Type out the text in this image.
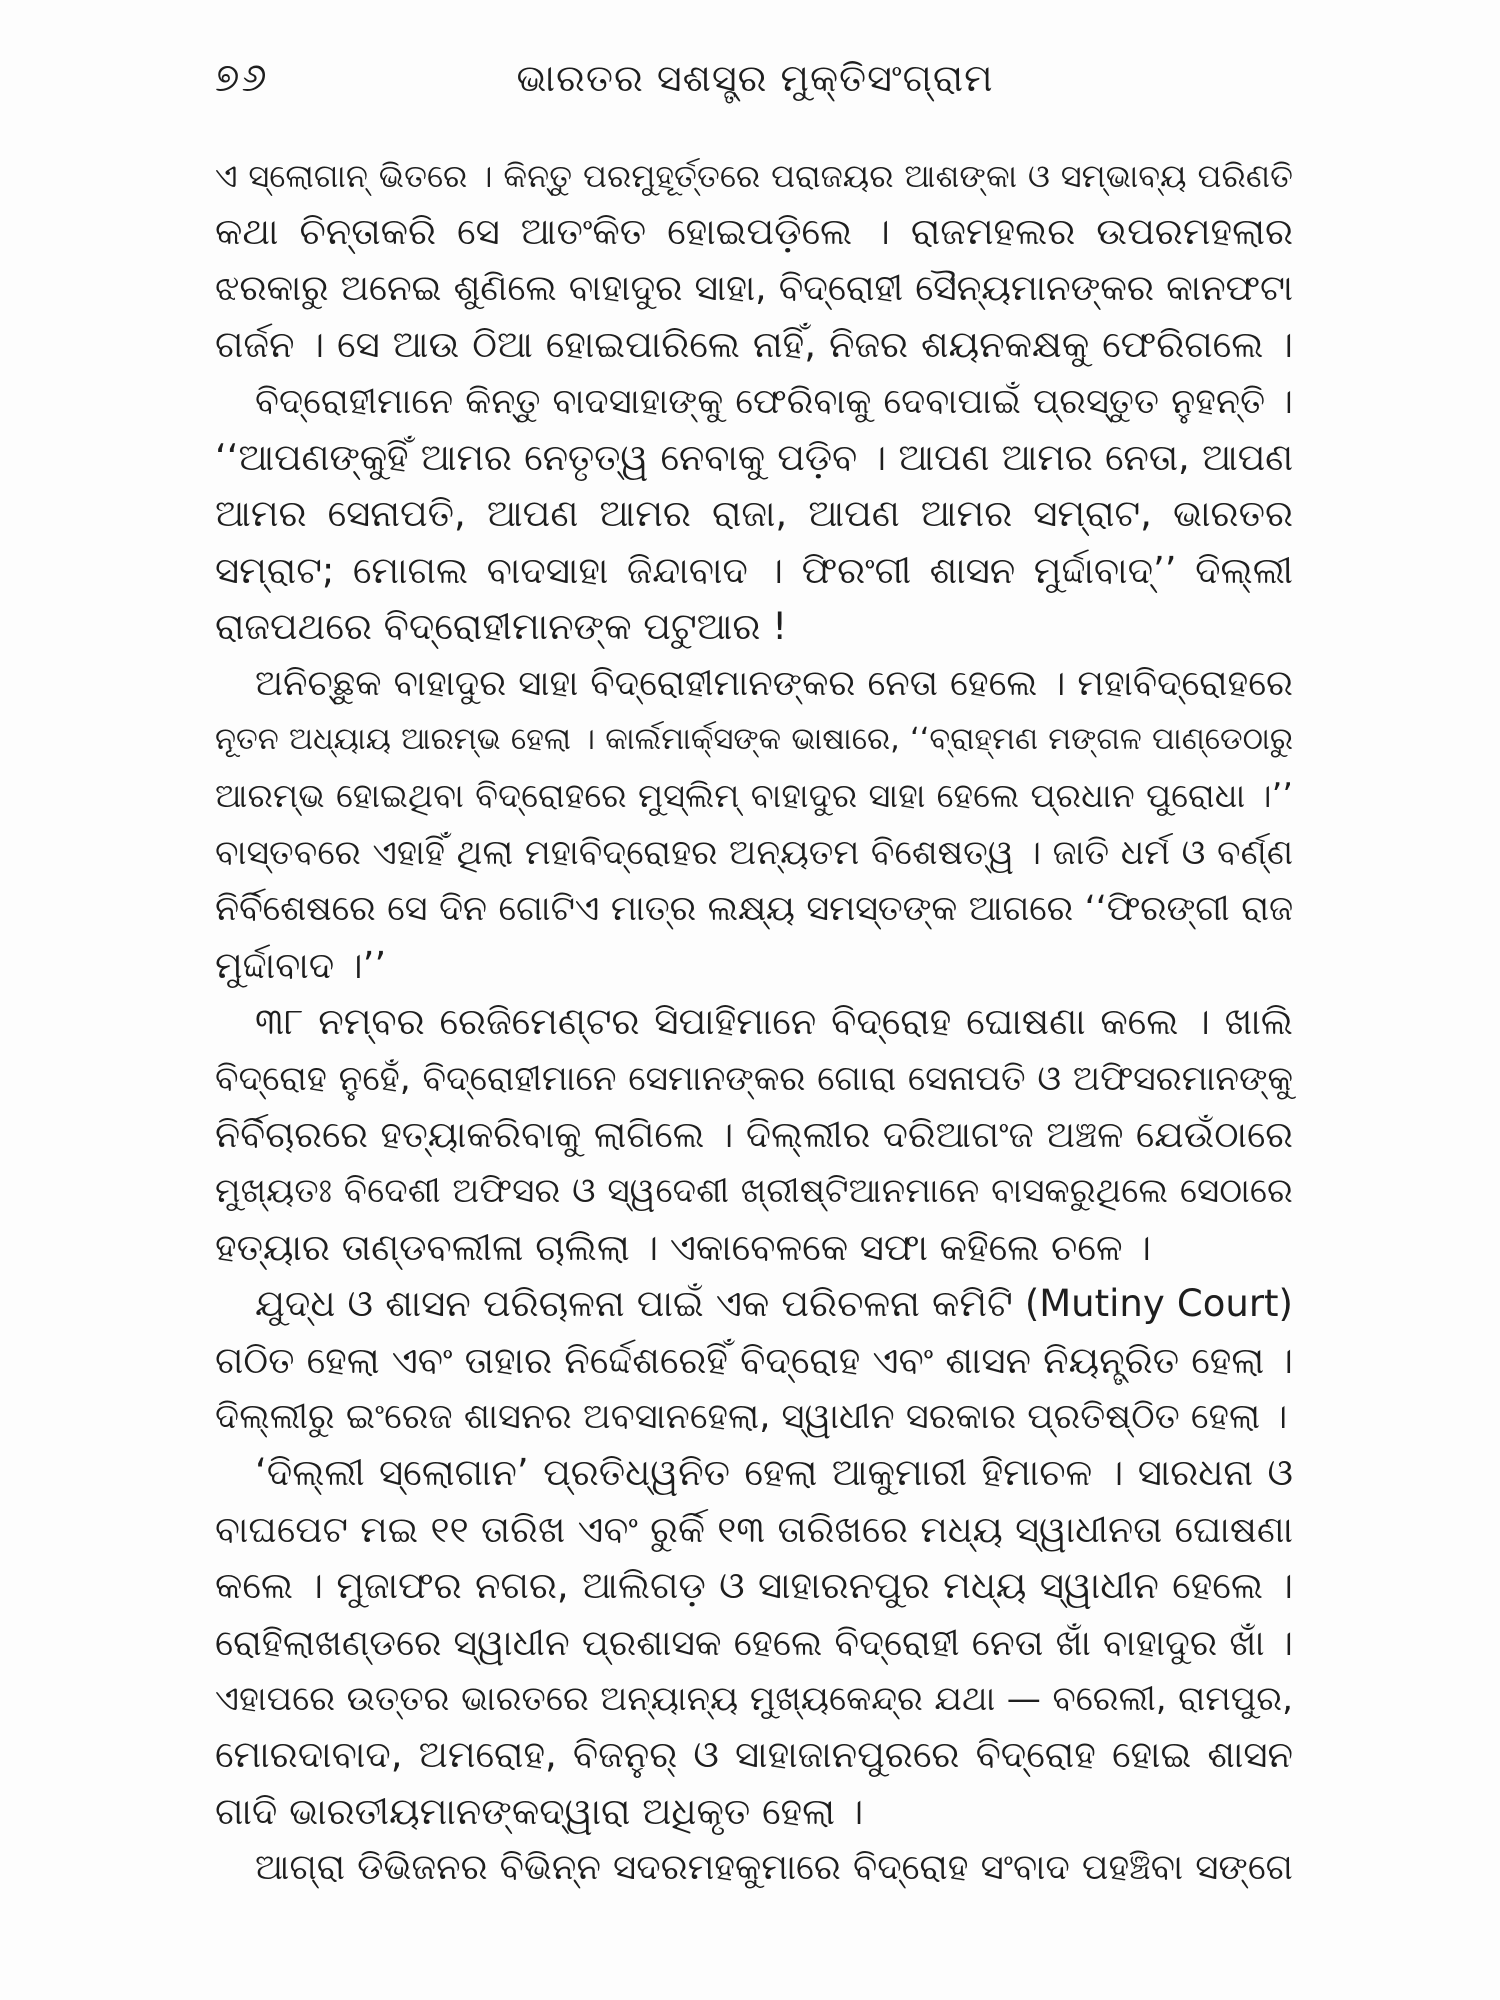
୭୬	ଭାରତର ସଶସ୍ତ୍ର ମୁକ୍ତିସଂଗ୍ରାମ

ଏ ସ୍ଲୋଗାନ୍ ଭିତରେ । କିନ୍ତୁ ପରମୁହୂର୍ତ୍ତରେ ପରାଜୟର ଆଶଙ୍କା ଓ ସମ୍ଭାବ୍ୟ ପରିଣତି
କଥା ଚିନ୍ତାକରି ସେ ଆତଂକିତ ହୋଇପଡ଼ିଲେ । ରାଜମହଲର ଉପରମହଲାର
ଝରକାରୁ ଅନେଇ ଶୁଣିଲେ ବାହାଦୁର ସାହା, ବିଦ୍ରୋହୀ ସୈନ୍ୟମାନଙ୍କର କାନଫଟା
ଗର୍ଜନ । ସେ ଆଉ ଠିଆ ହୋଇପାରିଲେ ନାହିଁ, ନିଜର ଶୟନକକ୍ଷକୁ ଫେରିଗଲେ ।

ବିଦ୍ରୋହୀମାନେ କିନ୍ତୁ ବାଦସାହାଙ୍କୁ ଫେରିବାକୁ ଦେବାପାଇଁ ପ୍ରସ୍ତୁତ ନୁହନ୍ତି ।
‘‘ଆପଣଙ୍କୁହିଁ ଆମର ନେତୃତ୍ୱ ନେବାକୁ ପଡ଼ିବ । ଆପଣ ଆମର ନେତା, ଆପଣ
ଆମର ସେନାପତି, ଆପଣ ଆମର ରାଜା, ଆପଣ ଆମର ସମ୍ରାଟ, ଭାରତର
ସମ୍ରାଟ; ମୋଗଲ ବାଦସାହା ଜିନ୍ଦାବାଦ । ଫିରଂଗୀ ଶାସନ ମୁର୍ଦ୍ଦାବାଦ୍’’ ଦିଲ୍ଲୀ
ରାଜପଥରେ ବିଦ୍ରୋହୀମାନଙ୍କ ପଟୁଆର !

ଅନିଚ୍ଛୁକ ବାହାଦୁର ସାହା ବିଦ୍ରୋହୀମାନଙ୍କର ନେତା ହେଲେ । ମହାବିଦ୍ରୋହରେ
ନୂତନ ଅଧ୍ୟାୟ ଆରମ୍ଭ ହେଲା । କାର୍ଲମାର୍କ୍ସଙ୍କ ଭାଷାରେ, ‘‘ବ୍ରାହ୍ମଣ ମଙ୍ଗଳ ପାଣ୍ଡେଠାରୁ
ଆରମ୍ଭ ହୋଇଥିବା ବିଦ୍ରୋହରେ ମୁସ୍ଲିମ୍ ବାହାଦୁର ସାହା ହେଲେ ପ୍ରଧାନ ପୁରୋଧା ।’’
ବାସ୍ତବରେ ଏହାହିଁ ଥିଲା ମହାବିଦ୍ରୋହର ଅନ୍ୟତମ ବିଶେଷତ୍ୱ । ଜାତି ଧର୍ମ ଓ ବର୍ଣ୍ଣ
ନିର୍ବିଶେଷରେ ସେ ଦିନ ଗୋଟିଏ ମାତ୍ର ଲକ୍ଷ୍ୟ ସମସ୍ତଙ୍କ ଆଗରେ ‘‘ଫିରଙ୍ଗୀ ରାଜ
ମୁର୍ଦ୍ଦାବାଦ ।’’

୩୮ ନମ୍ବର ରେଜିମେଣ୍ଟର ସିପାହିମାନେ ବିଦ୍ରୋହ ଘୋଷଣା କଲେ । ଖାଲି
ବିଦ୍ରୋହ ନୁହେଁ, ବିଦ୍ରୋହୀମାନେ ସେମାନଙ୍କର ଗୋରା ସେନାପତି ଓ ଅଫିସରମାନଙ୍କୁ
ନିର୍ବିଚାରରେ ହତ୍ୟାକରିବାକୁ ଲାଗିଲେ । ଦିଲ୍ଲୀର ଦରିଆଗଂଜ ଅଞ୍ଚଳ ଯେଉଁଠାରେ
ମୁଖ୍ୟତଃ ବିଦେଶୀ ଅଫିସର ଓ ସ୍ୱଦେଶୀ ଖ୍ରୀଷ୍ଟିଆନମାନେ ବାସକରୁଥିଲେ ସେଠାରେ
ହତ୍ୟାର ତାଣ୍ଡବଲୀଳା ଚାଲିଲା । ଏକାବେଳକେ ସଫା କହିଲେ ଚଳେ ।

ଯୁଦ୍ଧ ଓ ଶାସନ ପରିଚାଳନା ପାଇଁ ଏକ ପରିଚଳନା କମିଟି (Mutiny Court)
ଗଠିତ ହେଲା ଏବଂ ତାହାର ନିର୍ଦ୍ଦେଶରେହିଁ ବିଦ୍ରୋହ ଏବଂ ଶାସନ ନିୟନ୍ତ୍ରିତ ହେଲା ।
ଦିଲ୍ଲୀରୁ ଇଂରେଜ ଶାସନର ଅବସାନହେଲା, ସ୍ୱାଧୀନ ସରକାର ପ୍ରତିଷ୍ଠିତ ହେଲା ।

‘ଦିଲ୍ଲୀ ସ୍ଲୋଗାନ’ ପ୍ରତିଧ୍ୱନିତ ହେଲା ଆକୁମାରୀ ହିମାଚଳ । ସାରଧନା ଓ
ବାଘପେଟ ମଇ ୧୧ ତାରିଖ ଏବଂ ରୁର୍କି ୧୩ ତାରିଖରେ ମଧ୍ୟ ସ୍ୱାଧୀନତା ଘୋଷଣା
କଲେ । ମୁଜାଫର ନଗର, ଆଲିଗଡ଼ ଓ ସାହାରନପୁର ମଧ୍ୟ ସ୍ୱାଧୀନ ହେଲେ ।
ରୋହିଲାଖଣ୍ଡରେ ସ୍ୱାଧୀନ ପ୍ରଶାସକ ହେଲେ ବିଦ୍ରୋହୀ ନେତା ଖାଁ ବାହାଦୁର ଖାଁ ।
ଏହାପରେ ଉତ୍ତର ଭାରତରେ ଅନ୍ୟାନ୍ୟ ମୁଖ୍ୟକେନ୍ଦ୍ର ଯଥା — ବରେଲୀ, ରାମପୁର,
ମୋରଦାବାଦ, ଅମରୋହ, ବିଜନୁର୍ ଓ ସାହାଜାନପୁରରେ ବିଦ୍ରୋହ ହୋଇ ଶାସନ
ଗାଦି ଭାରତୀୟମାନଙ୍କଦ୍ୱାରା ଅଧିକୃତ ହେଲା ।

ଆଗ୍ରା ଡିଭିଜନର ବିଭିନ୍ନ ସଦରମହକୁମାରେ ବିଦ୍ରୋହ ସଂବାଦ ପହଞ୍ଚିବା ସଙ୍ଗେ
